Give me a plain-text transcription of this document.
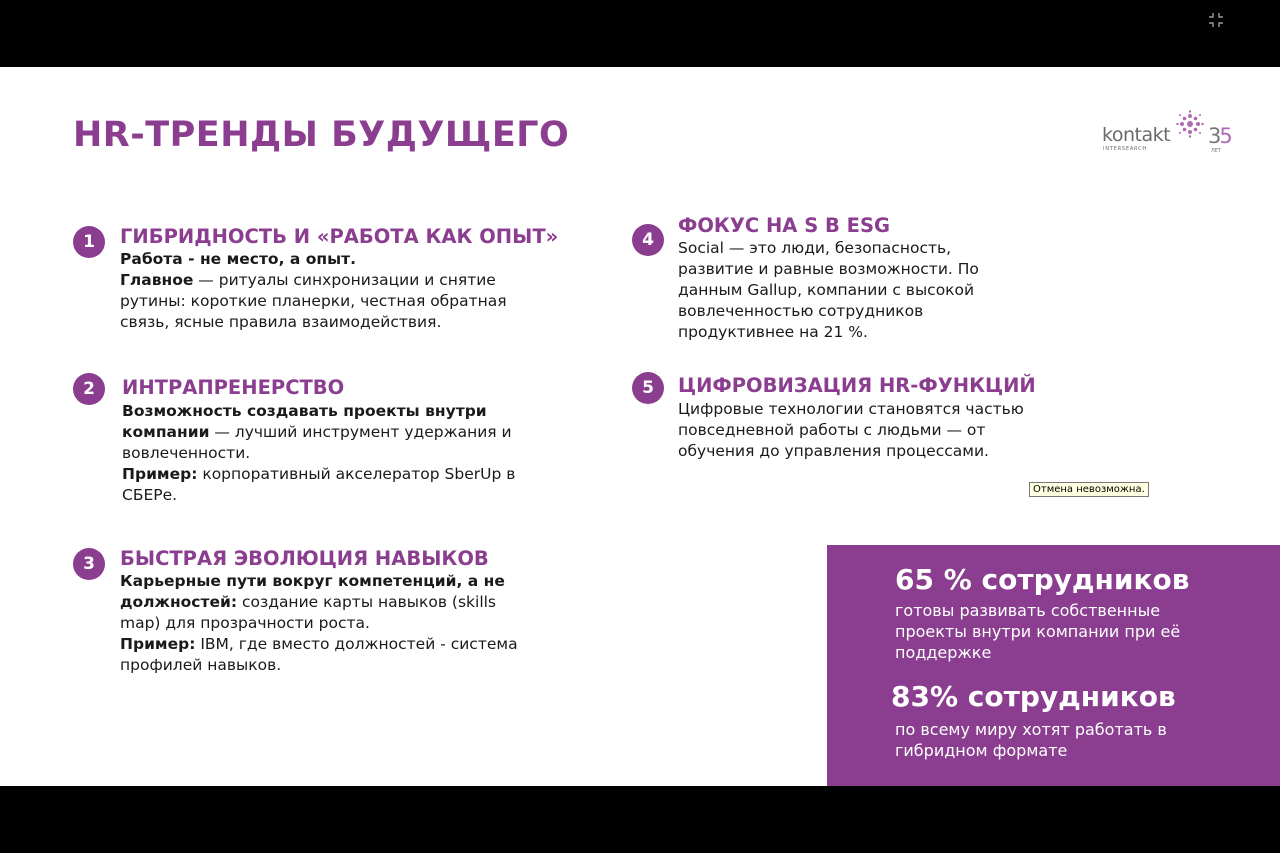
HR-ТРЕНДЫ БУДУЩЕГО	kontakt
INTERSEARCH
35
ЛЕТ
1	ГИБРИДНОСТЬ И «РАБОТА КАК ОПЫТ»

Работа - не место, а опыт.
Главное — ритуалы синхронизации и снятие рутины: короткие планерки, честная обратная связь, ясные правила взаимодействия.

2	ИНТРАПРЕНЕРСТВО

Возможность создавать проекты внутри компании — лучший инструмент удержания и вовлеченности.
Пример: корпоративный акселератор SberUp в СБЕРе.

3	БЫСТРАЯ ЭВОЛЮЦИЯ НАВЫКОВ

Карьерные пути вокруг компетенций, а не должностей: создание карты навыков (skills map) для прозрачности роста.
Пример: IBM, где вместо должностей - система профилей навыков.

4
ФОКУС НА S В ESG

Social — это люди, безопасность, развитие и равные возможности. По данным Gallup, компании с высокой вовлеченностью сотрудников продуктивнее на 21 %.

5	ЦИФРОВИЗАЦИЯ HR-ФУНКЦИЙ

Цифровые технологии становятся частью повседневной работы с людьми — от обучения до управления процессами.

Отмена невозможна.

65 % сотрудников

готовы развивать собственные проекты внутри компании при её поддержке

83% сотрудников

по всему миру хотят работать в гибридном формате
